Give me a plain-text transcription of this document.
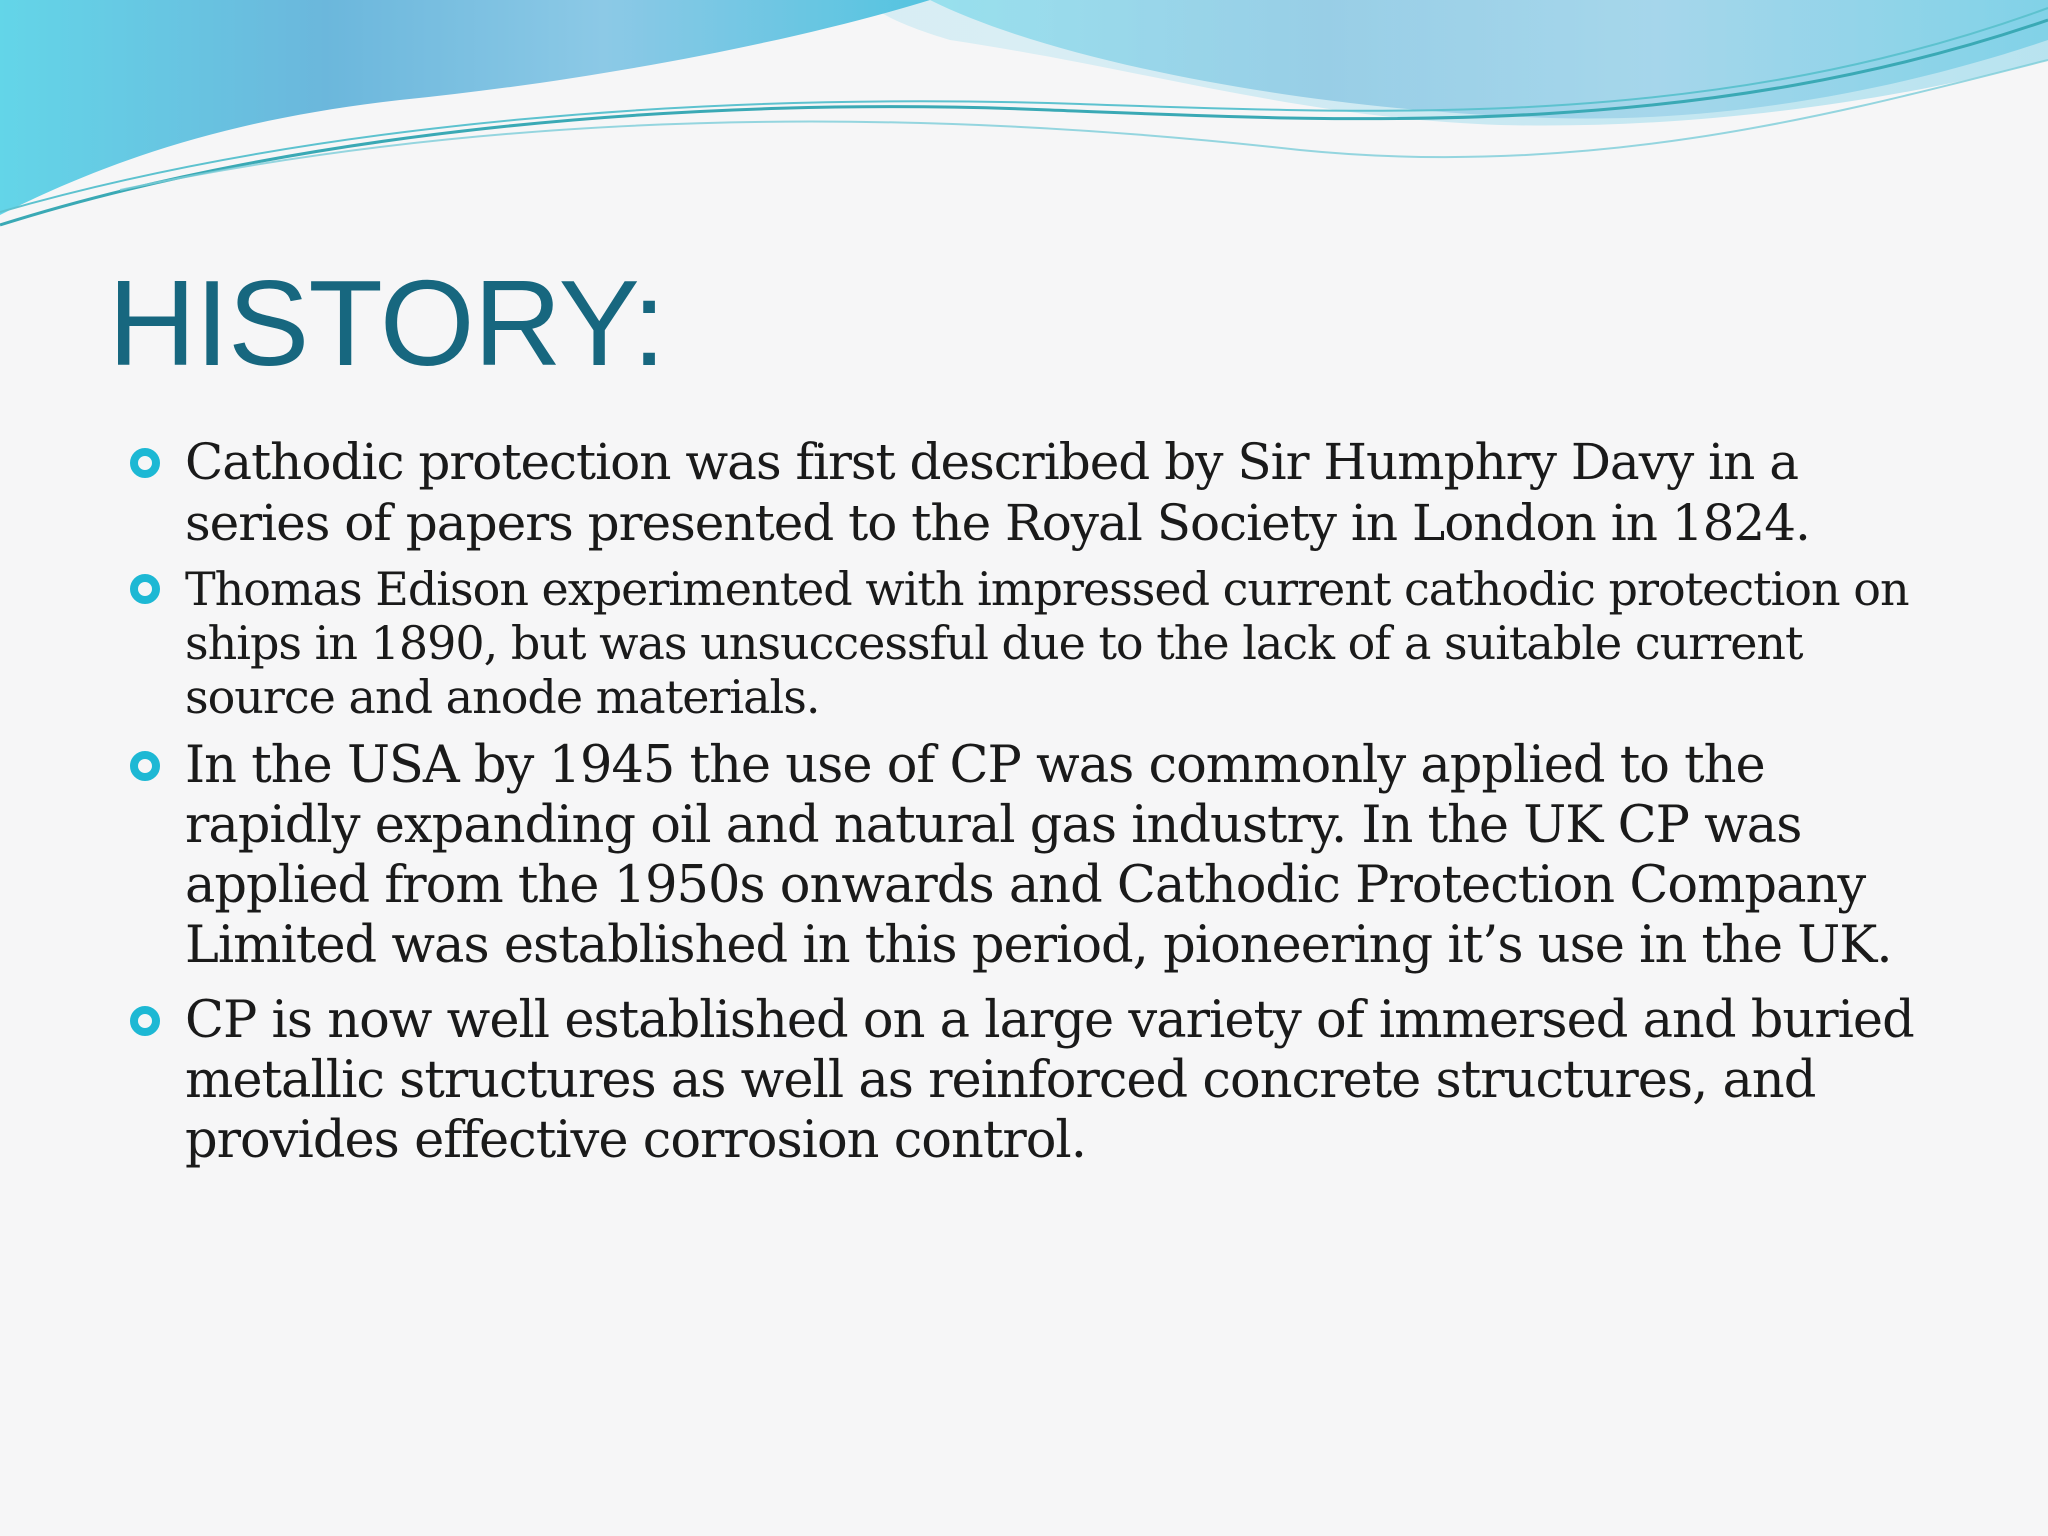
HISTORY:
Cathodic protection was first described by Sir Humphry Davy in a series of papers presented to the Royal Society in London in 1824.
Thomas Edison experimented with impressed current cathodic protection on ships in 1890, but was unsuccessful due to the lack of a suitable current source and anode materials.
In the USA by 1945 the use of CP was commonly applied to the rapidly expanding oil and natural gas industry. In the UK CP was applied from the 1950s onwards and Cathodic Protection Company Limited was established in this period, pioneering it’s use in the UK.
CP is now well established on a large variety of immersed and buried metallic structures as well as reinforced concrete structures, and provides effective corrosion control.
